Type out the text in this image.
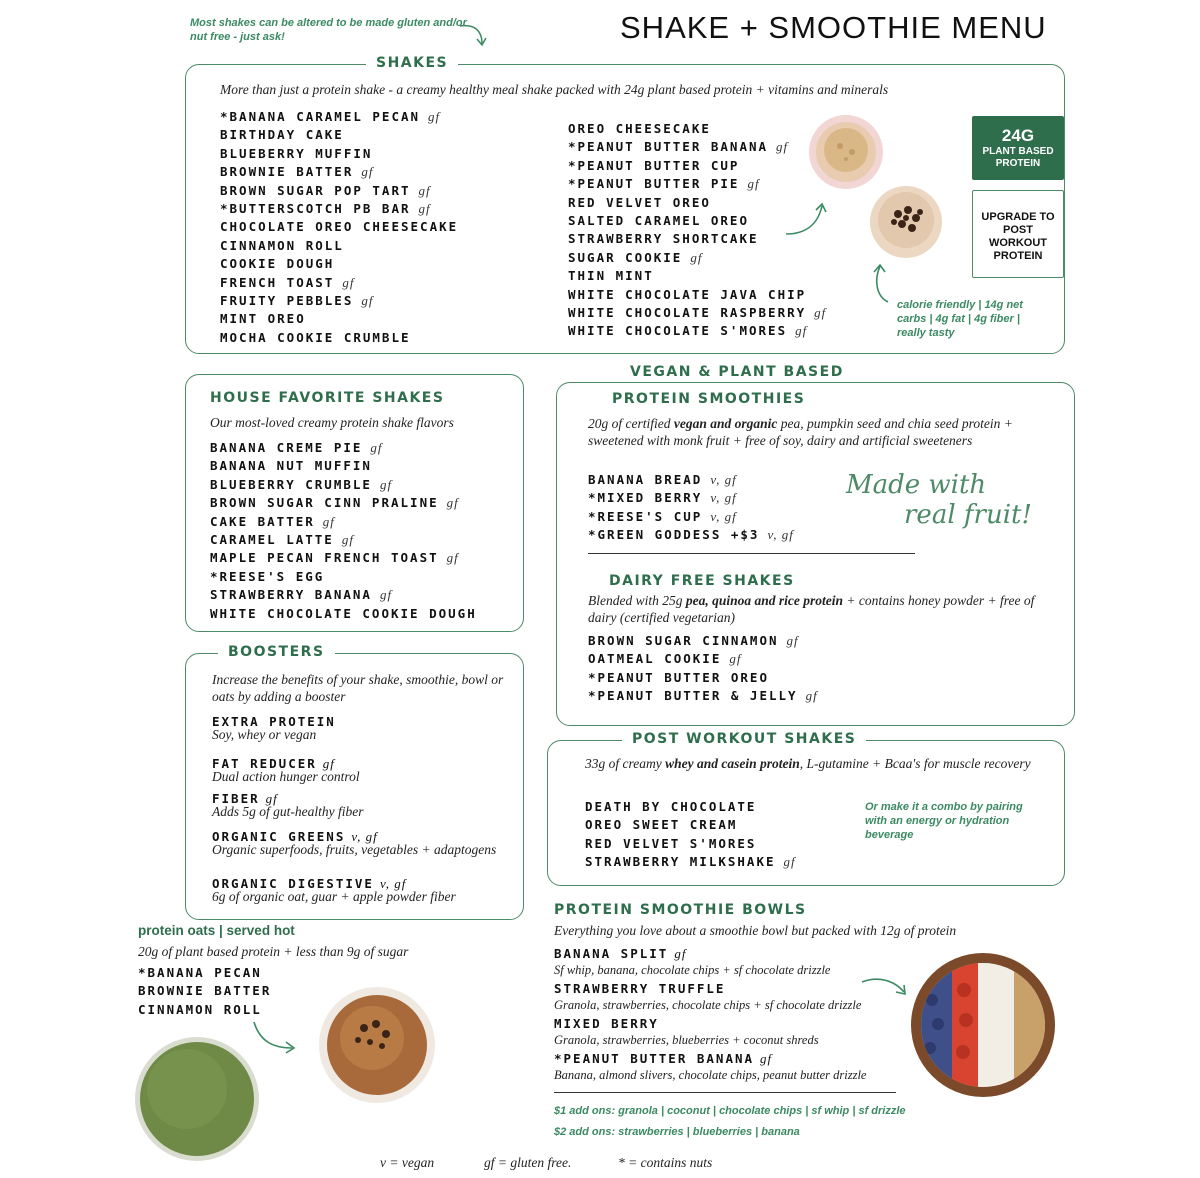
Most shakes can be altered to be made gluten and/or nut free - just ask!	SHAKE + SMOOTHIE MENU
SHAKES
More than just a protein shake - a creamy healthy meal shake packed with 24g plant based protein + vitamins and minerals
*BANANA CARAMEL PECAN gf
BIRTHDAY CAKE
BLUEBERRY MUFFIN
BROWNIE BATTER gf
BROWN SUGAR POP TART gf
*BUTTERSCOTCH PB BAR gf
CHOCOLATE OREO CHEESECAKE
CINNAMON ROLL
COOKIE DOUGH
FRENCH TOAST gf
FRUITY PEBBLES gf
MINT OREO
MOCHA COOKIE CRUMBLE
OREO CHEESECAKE
*PEANUT BUTTER BANANA gf
*PEANUT BUTTER CUP
*PEANUT BUTTER PIE gf
RED VELVET OREO
SALTED CARAMEL OREO
STRAWBERRY SHORTCAKE
SUGAR COOKIE gf
THIN MINT
WHITE CHOCOLATE JAVA CHIP
WHITE CHOCOLATE RASPBERRY gf
WHITE CHOCOLATE S'MORES gf
24G
PLANT BASED PROTEIN
UPGRADE TO POST WORKOUT PROTEIN
calorie friendly | 14g net carbs | 4g fat | 4g fiber | really tasty
HOUSE FAVORITE SHAKES
Our most-loved creamy protein shake flavors
BANANA CREME PIE gf
BANANA NUT MUFFIN
BLUEBERRY CRUMBLE gf
BROWN SUGAR CINN PRALINE gf
CAKE BATTER gf
CARAMEL LATTE gf
MAPLE PECAN FRENCH TOAST gf
*REESE'S EGG
STRAWBERRY BANANA gf
WHITE CHOCOLATE COOKIE DOUGH
BOOSTERS
Increase the benefits of your shake, smoothie, bowl or oats by adding a booster
EXTRA PROTEIN
Soy, whey or vegan
FAT REDUCER gf
Dual action hunger control
FIBER gf
Adds 5g of gut-healthy fiber
ORGANIC GREENS v, gf
Organic superfoods, fruits, vegetables + adaptogens
ORGANIC DIGESTIVE v, gf
6g of organic oat, guar + apple powder fiber
protein oats | served hot
20g of plant based protein + less than 9g of sugar
*BANANA PECAN
BROWNIE BATTER
CINNAMON ROLL
VEGAN & PLANT BASED
PROTEIN SMOOTHIES
20g of certified vegan and organic pea, pumpkin seed and chia seed protein + sweetened with monk fruit + free of soy, dairy and artificial sweeteners
BANANA BREAD v, gf
*MIXED BERRY v, gf
*REESE'S CUP v, gf
*GREEN GODDESS +$3 v, gf
Made with
real fruit!
DAIRY FREE SHAKES
Blended with 25g pea, quinoa and rice protein + contains honey powder + free of dairy (certified vegetarian)
BROWN SUGAR CINNAMON gf
OATMEAL COOKIE gf
*PEANUT BUTTER OREO
*PEANUT BUTTER & JELLY gf
POST WORKOUT SHAKES
33g of creamy whey and casein protein, L-gutamine + Bcaa's for muscle recovery
DEATH BY CHOCOLATE
OREO SWEET CREAM
RED VELVET S'MORES
STRAWBERRY MILKSHAKE gf
Or make it a combo by pairing with an energy or hydration beverage
PROTEIN SMOOTHIE BOWLS
Everything you love about a smoothie bowl but packed with 12g of protein
BANANA SPLIT gf
Sf whip, banana, chocolate chips + sf chocolate drizzle
STRAWBERRY TRUFFLE
Granola, strawberries, chocolate chips + sf chocolate drizzle
MIXED BERRY
Granola, strawberries, blueberries + coconut shreds
*PEANUT BUTTER BANANA gf
Banana, almond slivers, chocolate chips, peanut butter drizzle
$1 add ons: granola | coconut | chocolate chips | sf whip | sf drizzle
$2 add ons: strawberries | blueberries | banana
v = vegan	gf = gluten free.	* = contains nuts
